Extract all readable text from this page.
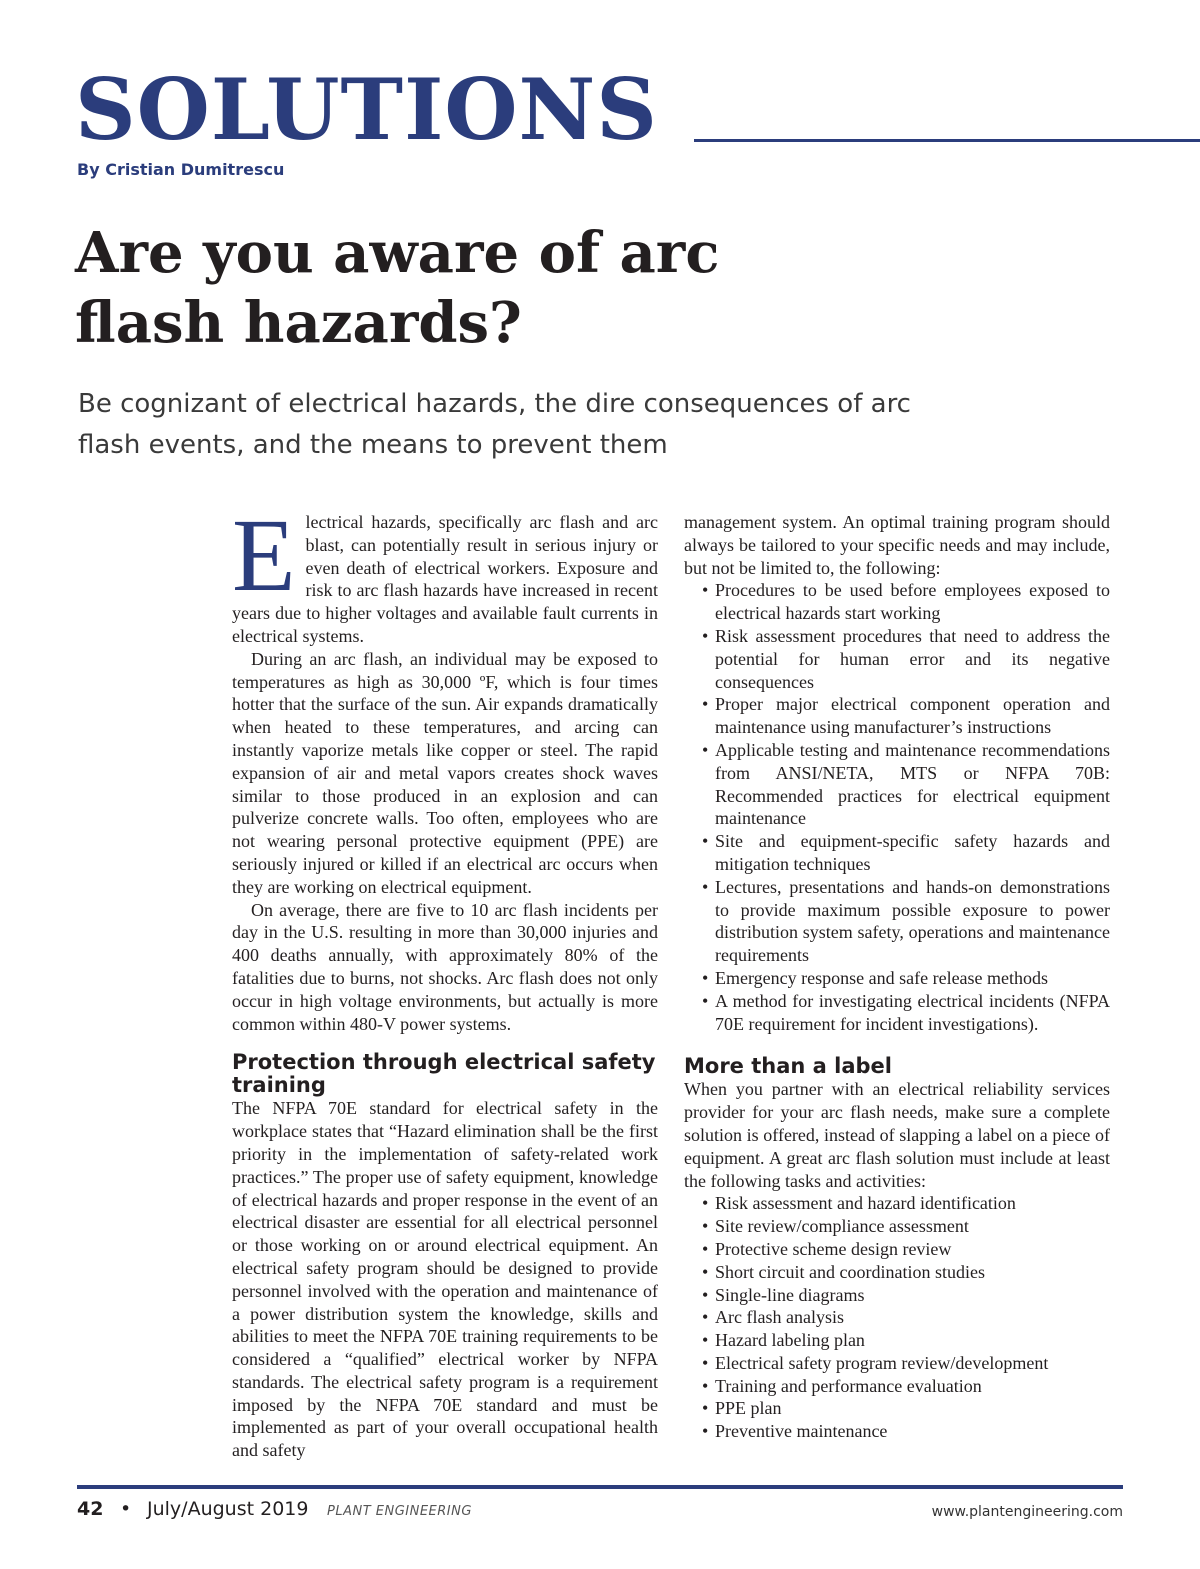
SOLUTIONS
By Cristian Dumitrescu
Are you aware of arc flash hazards?

Be cognizant of electrical hazards, the dire consequences of arc flash events, and the means to prevent them

Electrical hazards, specifically arc flash and arc blast, can potentially result in serious injury or even death of electrical workers. Exposure and risk to arc flash hazards have increased in recent years due to higher voltages and available fault currents in electrical systems.

During an arc flash, an individual may be exposed to temperatures as high as 30,000 ºF, which is four times hotter that the surface of the sun. Air expands dramatically when heated to these temperatures, and arcing can instantly vaporize metals like copper or steel. The rapid expansion of air and metal vapors creates shock waves similar to those produced in an explosion and can pulverize concrete walls. Too often, employees who are not wearing personal protective equipment (PPE) are seriously injured or killed if an electrical arc occurs when they are working on electrical equipment.

On average, there are five to 10 arc flash incidents per day in the U.S. resulting in more than 30,000 injuries and 400 deaths annually, with approximately 80% of the fatalities due to burns, not shocks. Arc flash does not only occur in high voltage environments, but actually is more common within 480-V power systems.

Protection through electrical safety training

The NFPA 70E standard for electrical safety in the workplace states that “Hazard elimination shall be the first priority in the implementation of safety-related work practices.” The proper use of safety equipment, knowledge of electrical hazards and proper response in the event of an electrical disaster are essential for all electrical personnel or those working on or around electrical equipment. An electrical safety program should be designed to provide personnel involved with the operation and maintenance of a power distribution system the knowledge, skills and abilities to meet the NFPA 70E training requirements to be considered a “qualified” electrical worker by NFPA standards. The electrical safety program is a requirement imposed by the NFPA 70E standard and must be implemented as part of your overall occupational health and safety

management system. An optimal training program should always be tailored to your specific needs and may include, but not be limited to, the following:

• Procedures to be used before employees exposed to electrical hazards start working
• Risk assessment procedures that need to address the potential for human error and its negative consequences
• Proper major electrical component operation and maintenance using manufacturer’s instructions
• Applicable testing and maintenance recommendations from ANSI/NETA, MTS or NFPA 70B: Recommended practices for electrical equipment maintenance
• Site and equipment-specific safety hazards and mitigation techniques
• Lectures, presentations and hands-on demonstrations to provide maximum possible exposure to power distribution system safety, operations and maintenance requirements
• Emergency response and safe release methods
• A method for investigating electrical incidents (NFPA 70E requirement for incident investigations).
More than a label

When you partner with an electrical reliability services provider for your arc flash needs, make sure a complete solution is offered, instead of slapping a label on a piece of equipment. A great arc flash solution must include at least the following tasks and activities:

• Risk assessment and hazard identification
• Site review/compliance assessment
• Protective scheme design review
• Short circuit and coordination studies
• Single-line diagrams
• Arc flash analysis
• Hazard labeling plan
• Electrical safety program review/development
• Training and performance evaluation
• PPE plan
• Preventive maintenance
42 • July/August 2019 PLANT ENGINEERING	www.plantengineering.com
